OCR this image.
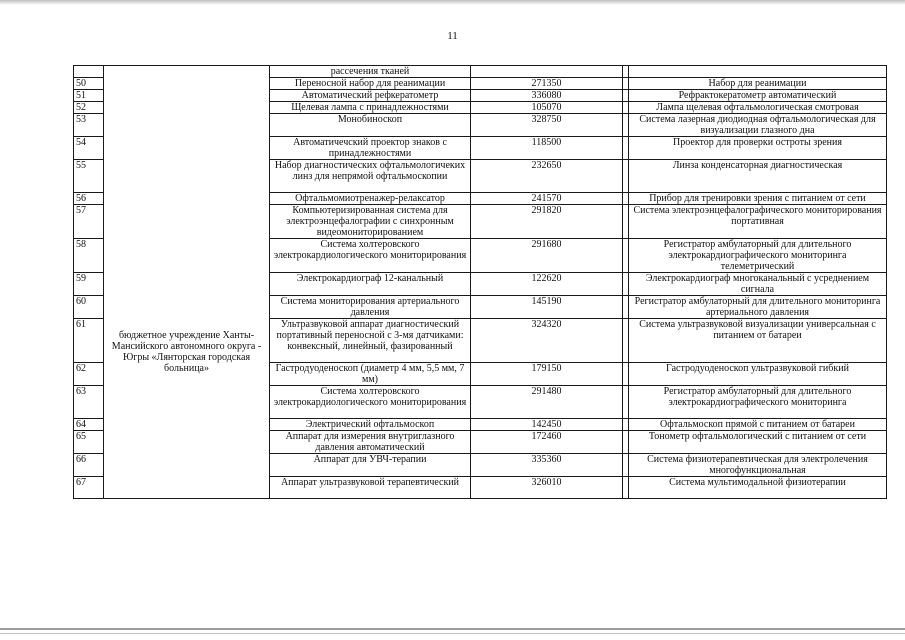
11

	бюджетное учреждение Ханты-Мансийского автономного округа - Югры «Лянторская городская больница»	рассечения тканей			
50		Переносной набор для реанимации	271350		Набор для реанимации
51		Автоматический рефкератометр	336080		Рефрактокератометр автоматический
52		Щелевая лампа с принадлежностями	105070		Лампа щелевая офтальмологическая смотровая
53		Монобиноскоп	328750		Система лазерная диодиодная офтальмологическая для визуализации глазного дна
54		Автоматичечский проектор знаков с принадлежностями	118500		Проектор для проверки остроты зрения
55		Набор диагностических офтальмологичеких линз для непрямой офтальмоскопии	232650		Линза конденсаторная диагностическая
56		Офтальмомиотренажер-релаксатор	241570		Прибор для тренировки зрения с питанием от сети
57		Компьютеризированная система для электроэнцефалографии с синхронным видеомониторированием	291820		Система электроэнцефалографического мониторирования портативная
58		Система холтеровского электрокардиологического мониторирования	291680		Регистратор амбулаторный для длительного электрокардиографического мониторинга телеметрический
59		Электрокардиограф 12-канальный	122620		Электрокардиограф многоканальный с усреднением сигнала
60		Система мониторирования артериального давления	145190		Регистратор амбулаторный для длительного мониторинга артериального давления
61		Ультразвуковой аппарат диагностический портативный переносной с 3-мя датчиками: конвексный, линейный, фазированный	324320		Система ультразвуковой визуализации универсальная с питанием от батареи
62		Гастродуоденоскоп (диаметр 4 мм, 5,5 мм, 7 мм)	179150		Гастродуоденоскоп ультразвуковой гибкий
63		Система холтеровского электрокардиологического мониторирования	291480		Регистратор амбулаторный для длительного электрокардиографического мониторинга
64		Электрический офтальмоскоп	142450		Офтальмоскоп прямой с питанием от батареи
65		Аппарат для измерения внутриглазного давления автоматический	172460		Тонометр офтальмологический с питанием от сети
66		Аппарат для УВЧ-терапии	335360		Система физиотерапевтическая для электролечения многофункциональная
67		Аппарат ультразвуковой терапевтический	326010		Система мультимодальной физиотерапии
